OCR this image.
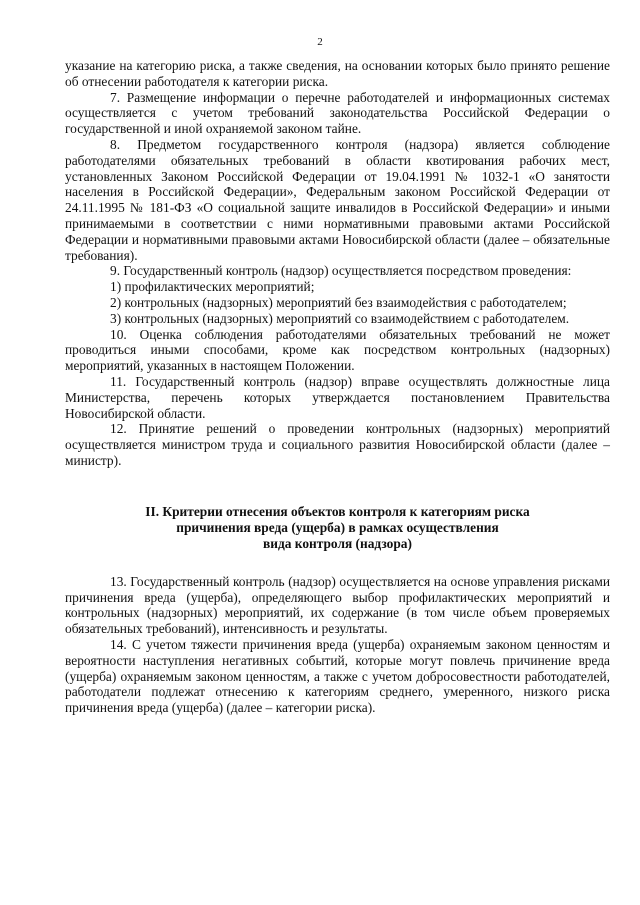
2

указание на категорию риска, а также сведения, на основании которых было принято решение об отнесении работодателя к категории риска.

7. Размещение информации о перечне работодателей и информационных системах осуществляется с учетом требований законодательства Российской Федерации о государственной и иной охраняемой законом тайне.

8. Предметом государственного контроля (надзора) является соблюдение работодателями обязательных требований в области квотирования рабочих мест, установленных Законом Российской Федерации от 19.04.1991 № 1032-1 «О занятости населения в Российской Федерации», Федеральным законом Российской Федерации от 24.11.1995 № 181-ФЗ «О социальной защите инвалидов в Российской Федерации» и иными принимаемыми в соответствии с ними нормативными правовыми актами Российской Федерации и нормативными правовыми актами Новосибирской области (далее – обязательные требования).

9. Государственный контроль (надзор) осуществляется посредством проведения:

1) профилактических мероприятий;

2) контрольных (надзорных) мероприятий без взаимодействия с работодателем;

3) контрольных (надзорных) мероприятий со взаимодействием с работодателем.

10. Оценка соблюдения работодателями обязательных требований не может проводиться иными способами, кроме как посредством контрольных (надзорных) мероприятий, указанных в настоящем Положении.

11. Государственный контроль (надзор) вправе осуществлять должностные лица Министерства, перечень которых утверждается постановлением Правительства Новосибирской области.

12. Принятие решений о проведении контрольных (надзорных) мероприятий осуществляется министром труда и социального развития Новосибирской области (далее – министр).

II. Критерии отнесения объектов контроля к категориям риска
причинения вреда (ущерба) в рамках осуществления
вида контроля (надзора)

13. Государственный контроль (надзор) осуществляется на основе управления рисками причинения вреда (ущерба), определяющего выбор профилактических мероприятий и контрольных (надзорных) мероприятий, их содержание (в том числе объем проверяемых обязательных требований), интенсивность и результаты.

14. С учетом тяжести причинения вреда (ущерба) охраняемым законом ценностям и вероятности наступления негативных событий, которые могут повлечь причинение вреда (ущерба) охраняемым законом ценностям, а также с учетом добросовестности работодателей, работодатели подлежат отнесению к категориям среднего, умеренного, низкого риска причинения вреда (ущерба) (далее – категории риска).
